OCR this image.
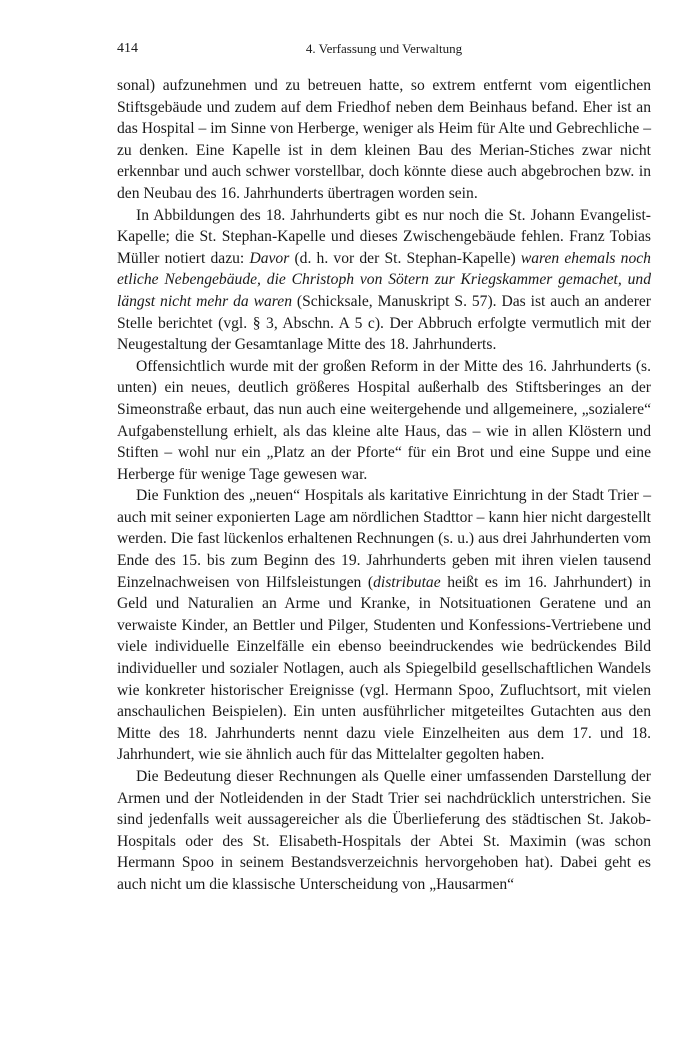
414	4. Verfassung und Verwaltung

sonal) aufzunehmen und zu betreuen hatte, so extrem entfernt vom eigentlichen Stiftsgebäude und zudem auf dem Friedhof neben dem Beinhaus befand. Eher ist an das Hospital – im Sinne von Herberge, weniger als Heim für Alte und Gebrechliche – zu denken. Eine Kapelle ist in dem kleinen Bau des Merian-Stiches zwar nicht erkennbar und auch schwer vorstellbar, doch könnte diese auch abgebrochen bzw. in den Neubau des 16. Jahrhunderts übertragen worden sein.

In Abbildungen des 18. Jahrhunderts gibt es nur noch die St. Johann Evangelist-Kapelle; die St. Stephan-Kapelle und dieses Zwischengebäude fehlen. Franz Tobias Müller notiert dazu: Davor (d. h. vor der St. Stephan-Kapelle) waren ehemals noch etliche Nebengebäude, die Christoph von Sötern zur Kriegskammer gemachet, und längst nicht mehr da waren (Schicksale, Manuskript S. 57). Das ist auch an anderer Stelle berichtet (vgl. § 3, Abschn. A 5 c). Der Abbruch erfolgte vermutlich mit der Neugestaltung der Gesamtanlage Mitte des 18. Jahrhunderts.

Offensichtlich wurde mit der großen Reform in der Mitte des 16. Jahrhunderts (s. unten) ein neues, deutlich größeres Hospital außerhalb des Stiftsberinges an der Simeonstraße erbaut, das nun auch eine weitergehende und allgemeinere, „sozialere“ Aufgabenstellung erhielt, als das kleine alte Haus, das – wie in allen Klöstern und Stiften – wohl nur ein „Platz an der Pforte“ für ein Brot und eine Suppe und eine Herberge für wenige Tage gewesen war.

Die Funktion des „neuen“ Hospitals als karitative Einrichtung in der Stadt Trier – auch mit seiner exponierten Lage am nördlichen Stadttor – kann hier nicht dargestellt werden. Die fast lückenlos erhaltenen Rechnungen (s. u.) aus drei Jahrhunderten vom Ende des 15. bis zum Beginn des 19. Jahrhunderts geben mit ihren vielen tausend Einzelnachweisen von Hilfsleistungen (distributae heißt es im 16. Jahrhundert) in Geld und Naturalien an Arme und Kranke, in Notsituationen Geratene und an verwaiste Kinder, an Bettler und Pilger, Studenten und Konfessions-Vertriebene und viele individuelle Einzelfälle ein ebenso beeindruckendes wie bedrückendes Bild individueller und sozialer Notlagen, auch als Spiegelbild gesellschaftlichen Wandels wie konkreter historischer Ereignisse (vgl. Hermann Spoo, Zufluchtsort, mit vielen anschaulichen Beispielen). Ein unten ausführlicher mitgeteiltes Gutachten aus den Mitte des 18. Jahrhunderts nennt dazu viele Einzelheiten aus dem 17. und 18. Jahrhundert, wie sie ähnlich auch für das Mittelalter gegolten haben.

Die Bedeutung dieser Rechnungen als Quelle einer umfassenden Darstellung der Armen und der Notleidenden in der Stadt Trier sei nachdrücklich unterstrichen. Sie sind jedenfalls weit aussagereicher als die Überlieferung des städtischen St. Jakob-Hospitals oder des St. Elisabeth-Hospitals der Abtei St. Maximin (was schon Hermann Spoo in seinem Bestandsverzeichnis hervorgehoben hat). Dabei geht es auch nicht um die klassische Unterscheidung von „Hausarmen“
